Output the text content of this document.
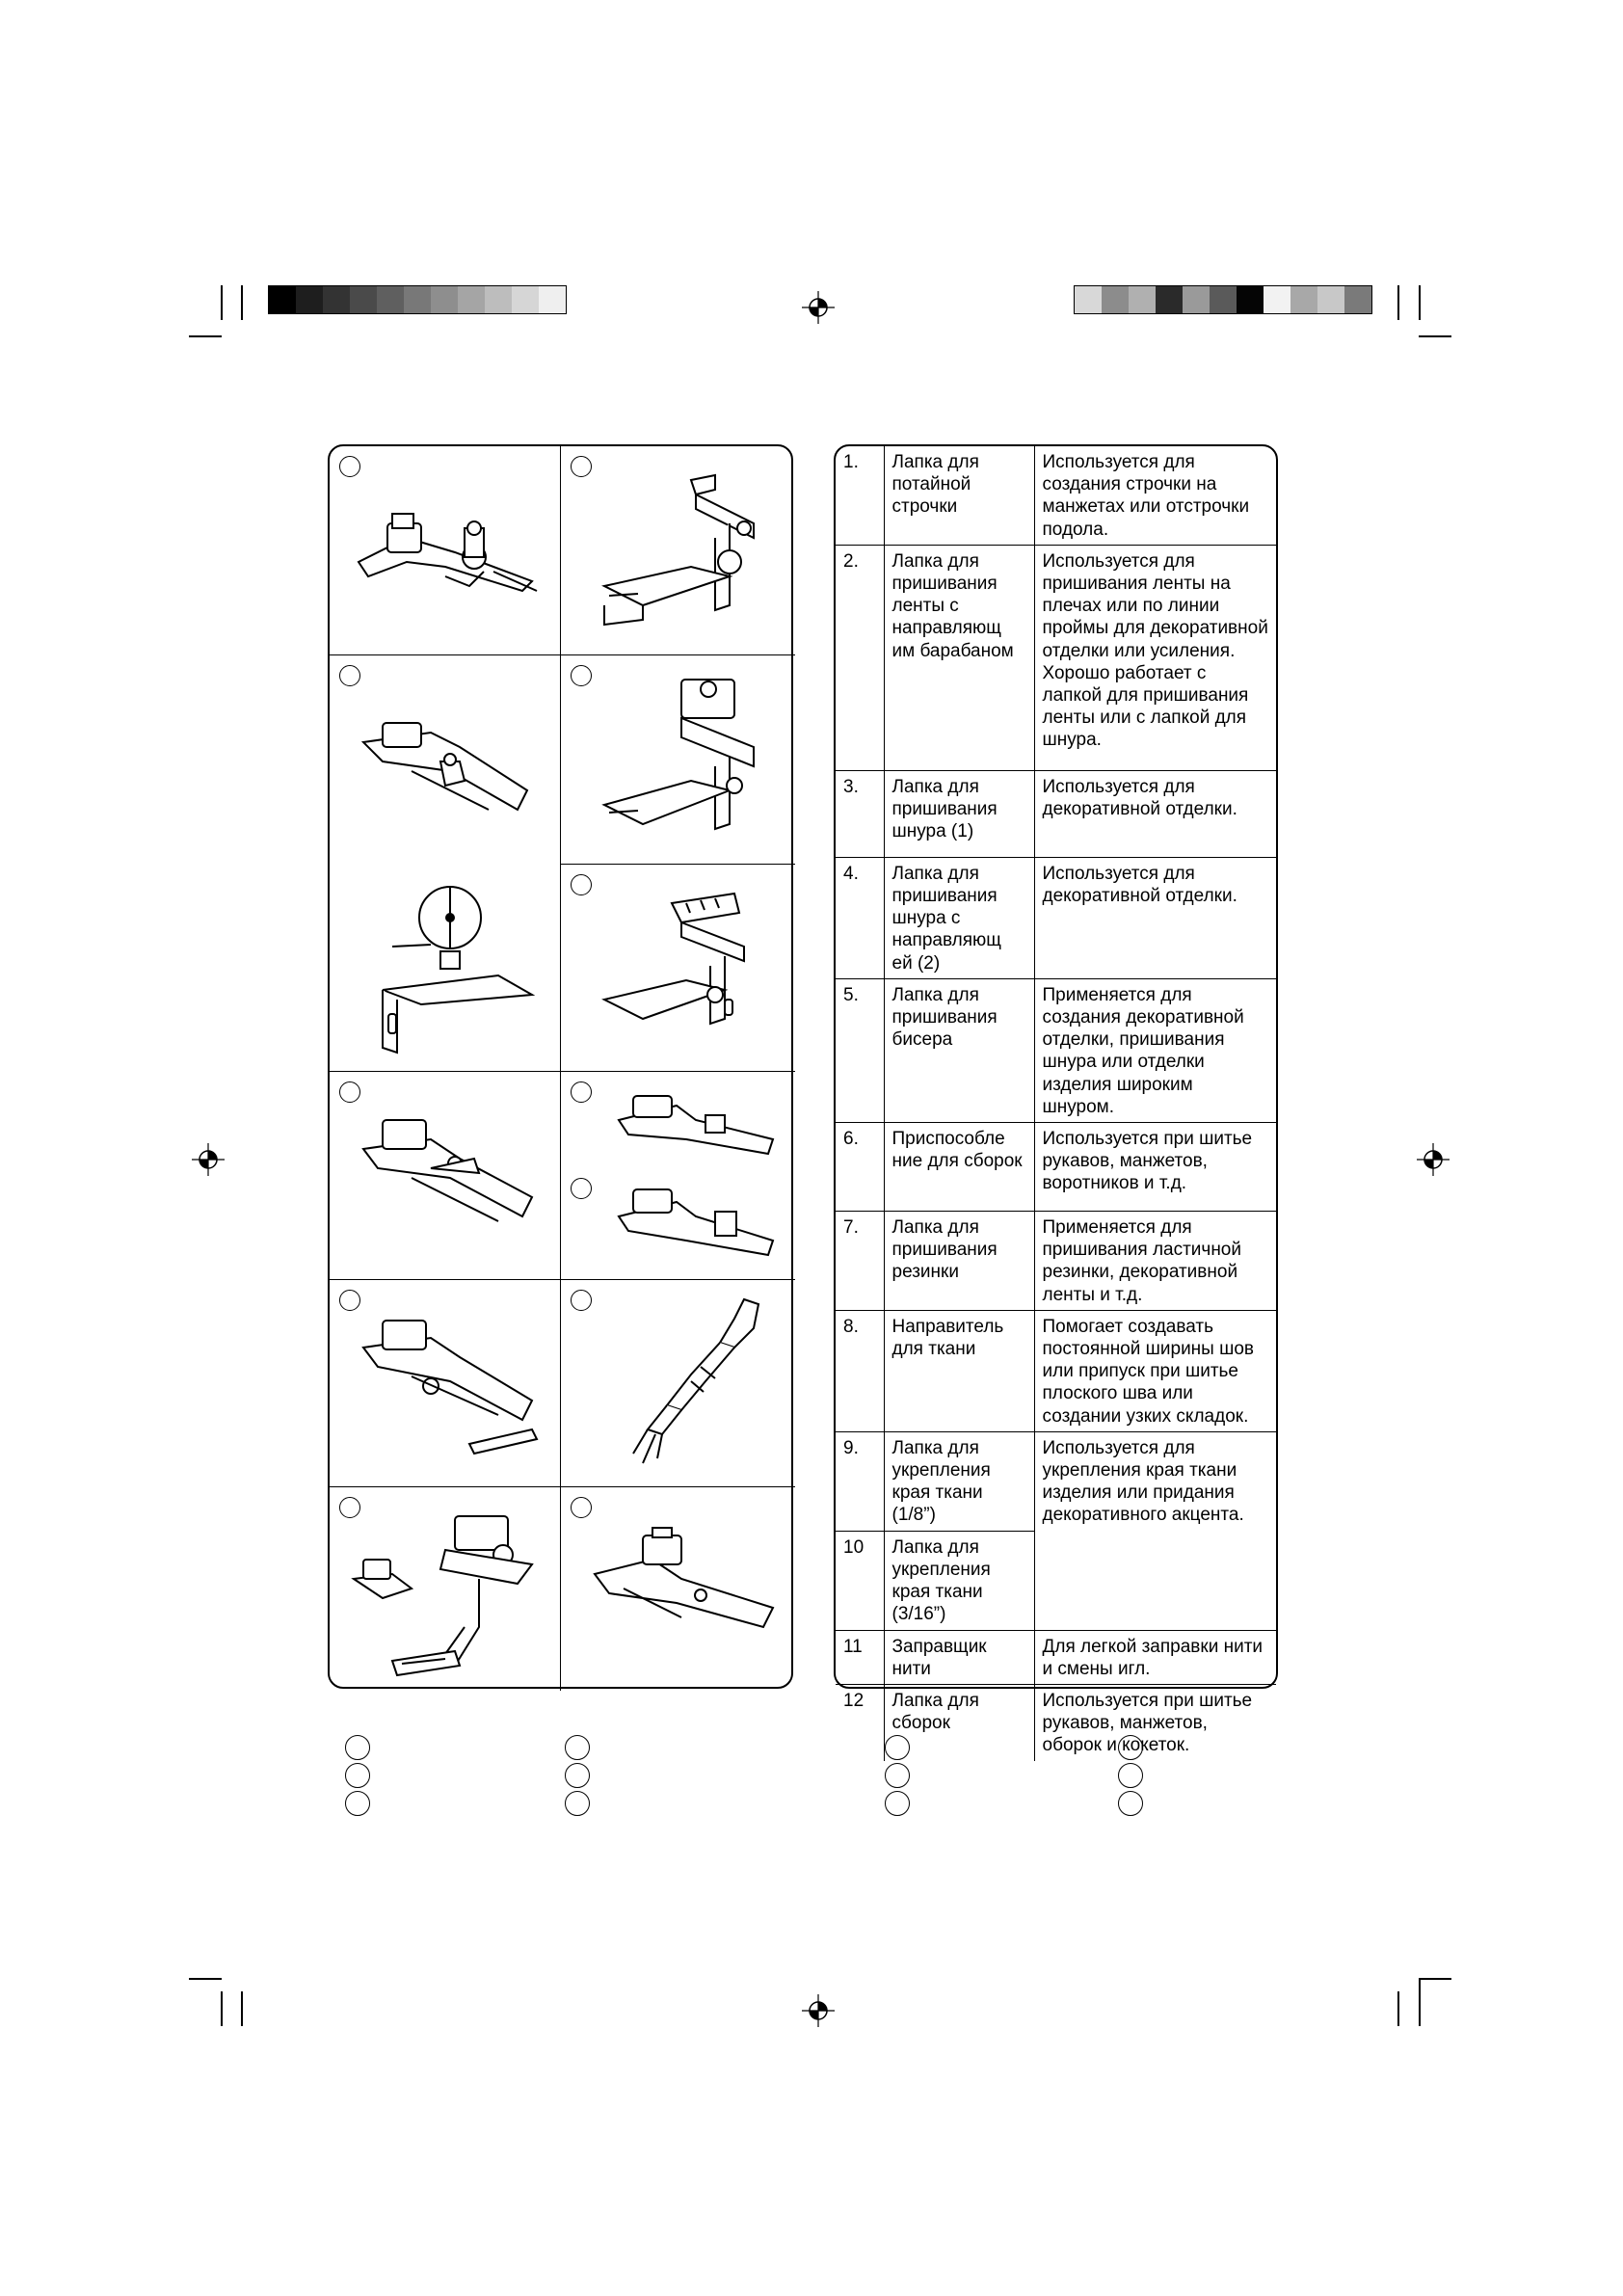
1.	Лапка для потайной строчки	Используется для создания строчки на манжетах или отстрочки подола.
2.	Лапка для пришивания ленты с направляющ им барабаном	Используется для пришивания ленты на плечах или по линии проймы для декоративной отделки или усиления.
Хорошо работает с лапкой для пришивания ленты или с лапкой для шнура.

3.	Лапка для пришивания шнура (1)	Используется для декоративной отделки.
4.	Лапка для пришивания шнура с направляющ ей (2)	Используется для декоративной отделки.
5.	Лапка для пришивания бисера	Применяется для создания декоративной отделки, пришивания шнура или отделки изделия широким шнуром.
6.	Приспособле ние для сборок	Используется при шитье рукавов, манжетов, воротников и т.д.
7.	Лапка для пришивания резинки	Применяется для пришивания ластичной резинки, декоративной ленты и т.д.
8.	Направитель для ткани	Помогает создавать постоянной ширины шов или припуск при шитье плоского шва или создании узких складок.
9.	Лапка для укрепления края ткани (1/8”)	Используется для укрепления края ткани изделия или придания декоративного акцента.
10	Лапка для укрепления края ткани (3/16”)	
11	Заправщик нити	Для легкой заправки нити и смены игл.
12	Лапка для сборок	Используется при шитье рукавов, манжетов, оборок и кокеток.
